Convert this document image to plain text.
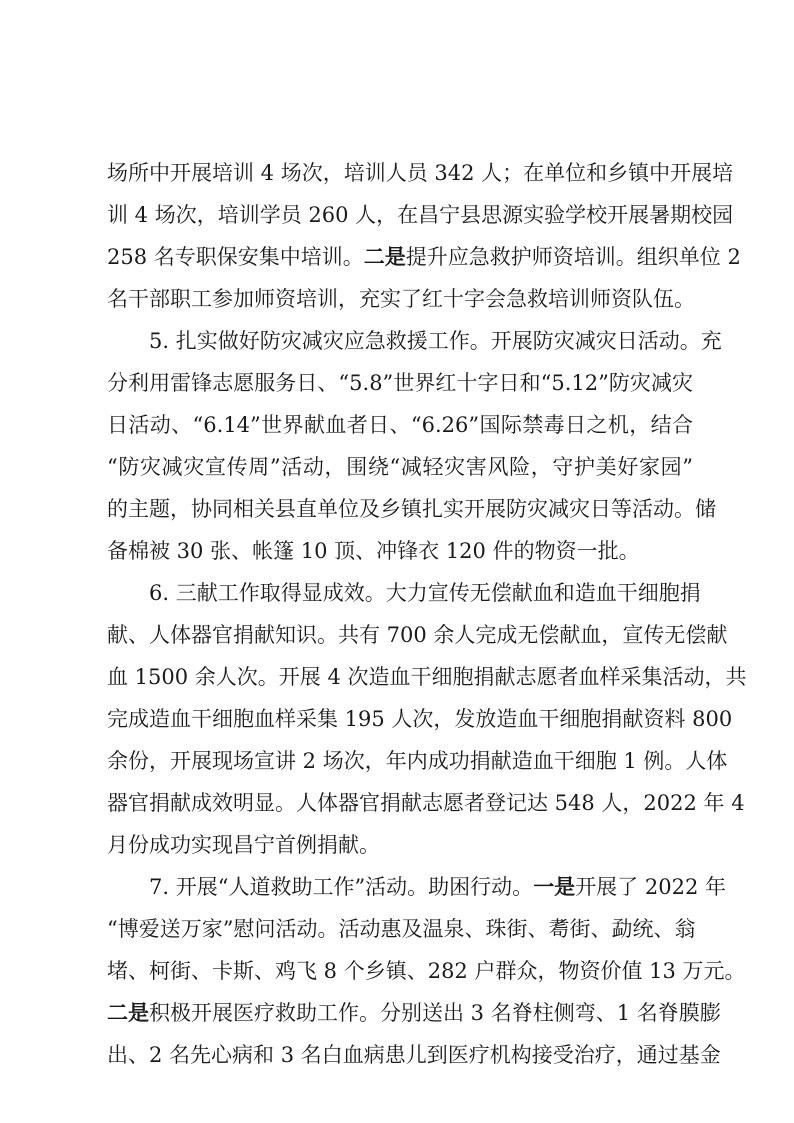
场所中开展培训 4 场次，培训人员 342 人；在单位和乡镇中开展培
训 4 场次，培训学员 260 人，在昌宁县思源实验学校开展暑期校园
258 名专职保安集中培训。二是提升应急救护师资培训。组织单位 2
名干部职工参加师资培训，充实了红十字会急救培训师资队伍。
5. 扎实做好防灾减灾应急救援工作。开展防灾减灾日活动。充
分利用雷锋志愿服务日、“5.8”世界红十字日和“5.12”防灾减灾
日活动、“6.14”世界献血者日、“6.26”国际禁毒日之机，结合
“防灾减灾宣传周”活动，围绕“减轻灾害风险，守护美好家园”
的主题，协同相关县直单位及乡镇扎实开展防灾减灾日等活动。储
备棉被 30 张、帐篷 10 顶、冲锋衣 120 件的物资一批。
6. 三献工作取得显成效。大力宣传无偿献血和造血干细胞捐
献、人体器官捐献知识。共有 700 余人完成无偿献血，宣传无偿献
血 1500 余人次。开展 4 次造血干细胞捐献志愿者血样采集活动，共
完成造血干细胞血样采集 195 人次，发放造血干细胞捐献资料 800
余份，开展现场宣讲 2 场次，年内成功捐献造血干细胞 1 例。人体
器官捐献成效明显。人体器官捐献志愿者登记达 548 人，2022 年 4
月份成功实现昌宁首例捐献。
7. 开展“人道救助工作”活动。助困行动。一是开展了 2022 年
“博爱送万家”慰问活动。活动惠及温泉、珠街、耈街、勐统、翁
堵、柯街、卡斯、鸡飞 8 个乡镇、282 户群众，物资价值 13 万元。
二是积极开展医疗救助工作。分别送出 3 名脊柱侧弯、1 名脊膜膨
出、2 名先心病和 3 名白血病患儿到医疗机构接受治疗，通过基金
